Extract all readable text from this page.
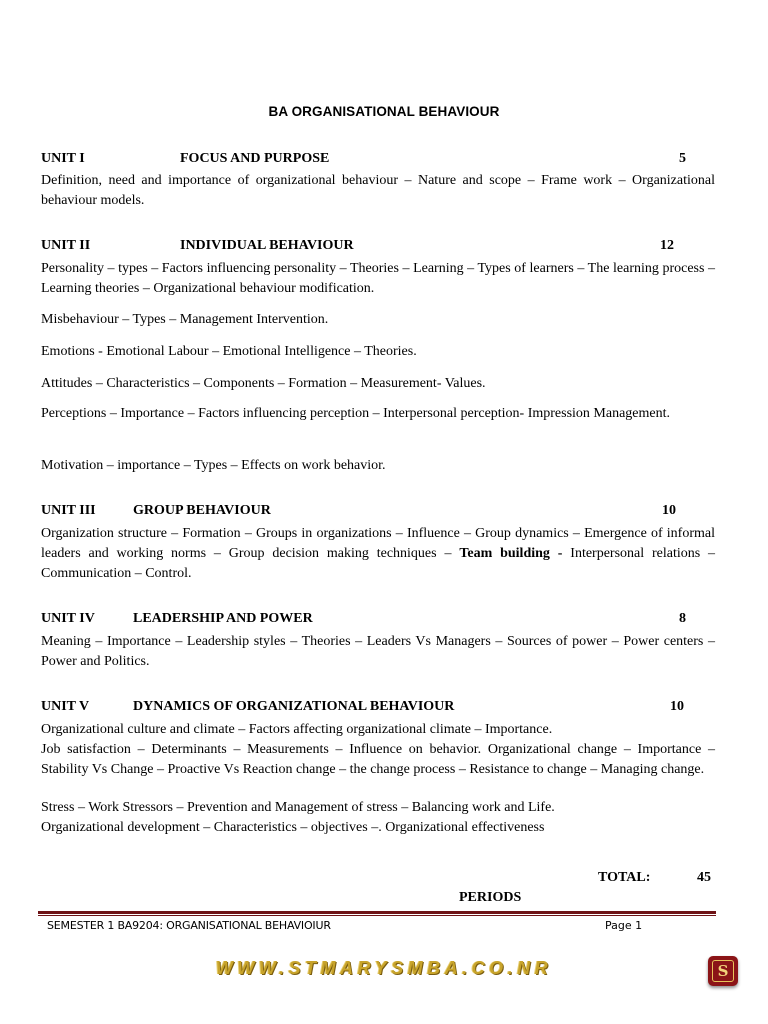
BA ORGANISATIONAL BEHAVIOUR
UNIT I	FOCUS AND PURPOSE	5
Definition, need and importance of organizational behaviour – Nature and scope – Frame work – Organizational behaviour models.
UNIT II	INDIVIDUAL BEHAVIOUR	12
Personality – types – Factors influencing personality – Theories – Learning – Types of learners – The learning process – Learning theories – Organizational behaviour modification.
Misbehaviour – Types – Management Intervention.
Emotions - Emotional Labour – Emotional Intelligence – Theories.
Attitudes – Characteristics – Components – Formation – Measurement- Values.
Perceptions – Importance – Factors influencing perception – Interpersonal perception- Impression Management.
Motivation – importance – Types – Effects on work behavior.
UNIT III	GROUP BEHAVIOUR	10
Organization structure – Formation – Groups in organizations – Influence – Group dynamics – Emergence of informal leaders and working norms – Group decision making techniques – Team building - Interpersonal relations – Communication – Control.
UNIT IV	LEADERSHIP AND POWER	8
Meaning – Importance – Leadership styles – Theories – Leaders Vs Managers – Sources of power – Power centers – Power and Politics.
UNIT V	DYNAMICS OF ORGANIZATIONAL BEHAVIOUR	10
Organizational culture and climate – Factors affecting organizational climate – Importance.
Job satisfaction – Determinants – Measurements – Influence on behavior. Organizational change – Importance – Stability Vs Change – Proactive Vs Reaction change – the change process – Resistance to change – Managing change.
Stress – Work Stressors – Prevention and Management of stress – Balancing work and Life.
Organizational development – Characteristics – objectives –. Organizational effectiveness
TOTAL:	45
PERIODS
SEMESTER 1 BA9204: ORGANISATIONAL BEHAVIOIUR	Page 1
WWW.STMARYSMBA.CO.NR	S
